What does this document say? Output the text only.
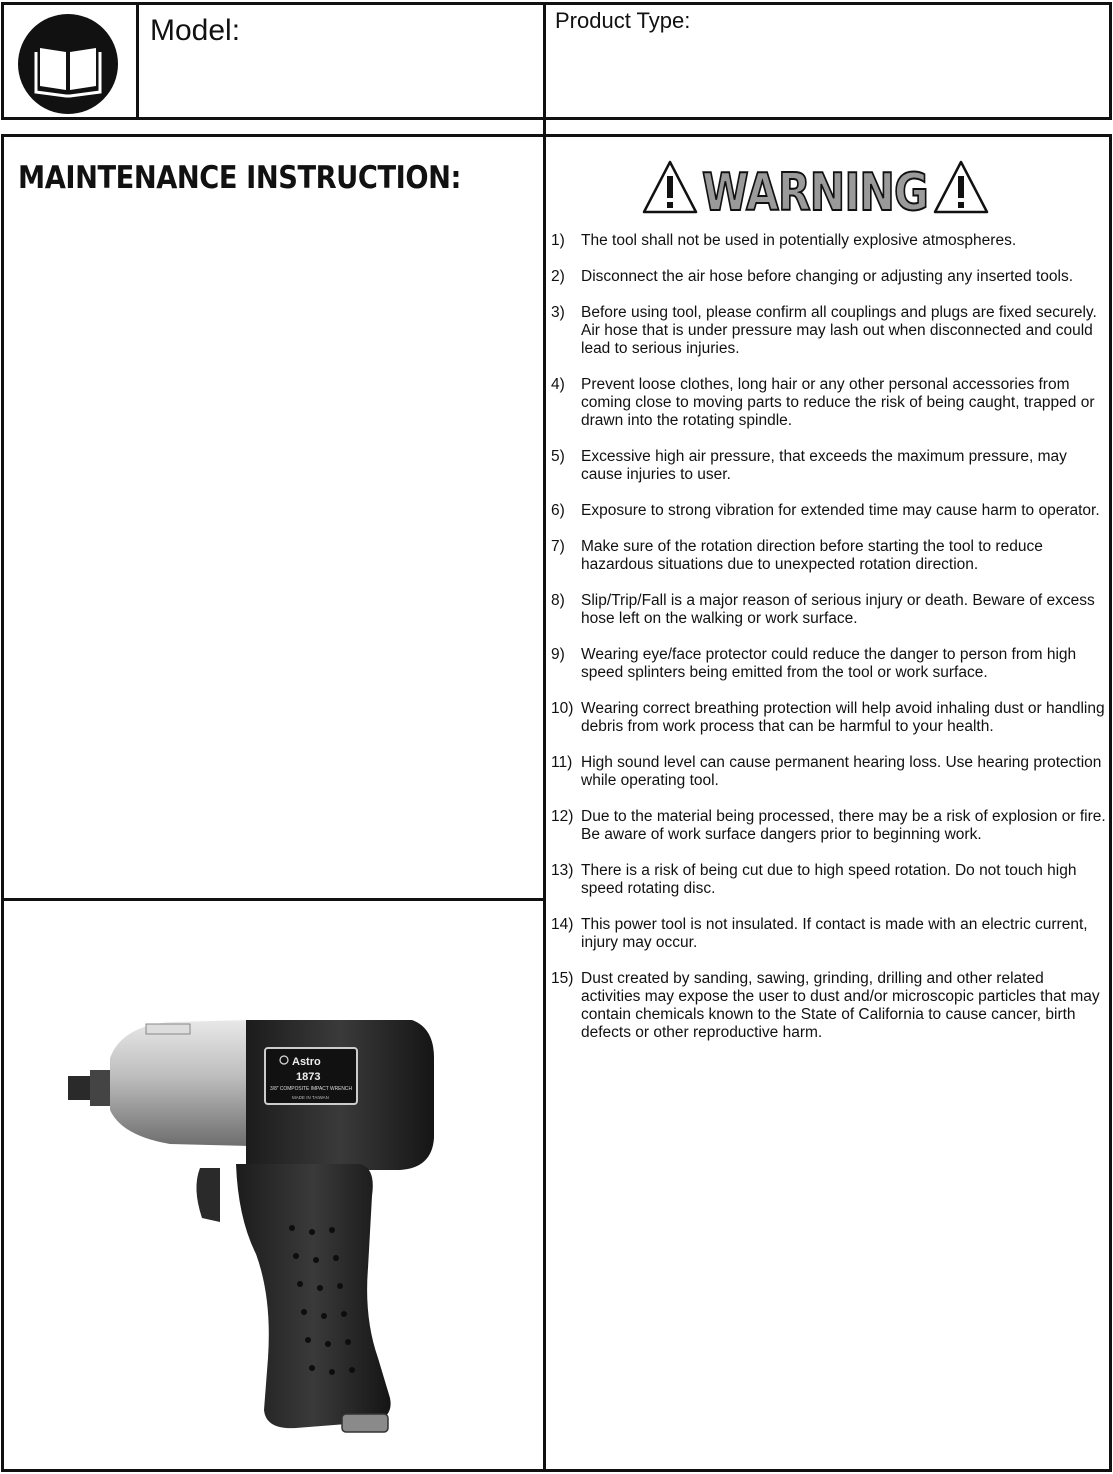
Model:	Product Type:
MAINTENANCE INSTRUCTION:	WARNING
1)	The tool shall not be used in potentially explosive atmospheres.
2)	Disconnect the air hose before changing or adjusting any inserted tools.
3)	Before using tool, please confirm all couplings and plugs are fixed securely. Air hose that is under pressure may lash out when disconnected and could lead to serious injuries.
4)	Prevent loose clothes, long hair or any other personal accessories from coming close to moving parts to reduce the risk of being caught, trapped or drawn into the rotating spindle.
5)	Excessive high air pressure, that exceeds the maximum pressure, may cause injuries to user.
6)	Exposure to strong vibration for extended time may cause harm to operator.
7)	Make sure of the rotation direction before starting the tool to reduce hazardous situations due to unexpected rotation direction.
8)	Slip/Trip/Fall is a major reason of serious injury or death. Beware of excess hose left on the walking or work surface.
9)	Wearing eye/face protector could reduce the danger to person from high speed splinters being emitted from the tool or work surface.
10) Wearing correct breathing protection will help avoid inhaling dust or handling debris from work process that can be harmful to your health.
11) High sound level can cause permanent hearing loss. Use hearing protection while operating tool.
12) Due to the material being processed, there may be a risk of explosion or fire. Be aware of work surface dangers prior to beginning work.
13) There is a risk of being cut due to high speed rotation. Do not touch high speed rotating disc.
14) This power tool is not insulated. If contact is made with an electric current, injury may occur.
15) Dust created by sanding, sawing, grinding, drilling and other related activities may expose the user to dust and/or microscopic particles that may contain chemicals known to the State of California to cause cancer, birth defects or other reproductive harm.
Astro
1873
3/8" COMPOSITE IMPACT WRENCH
MADE IN TAIWAN
